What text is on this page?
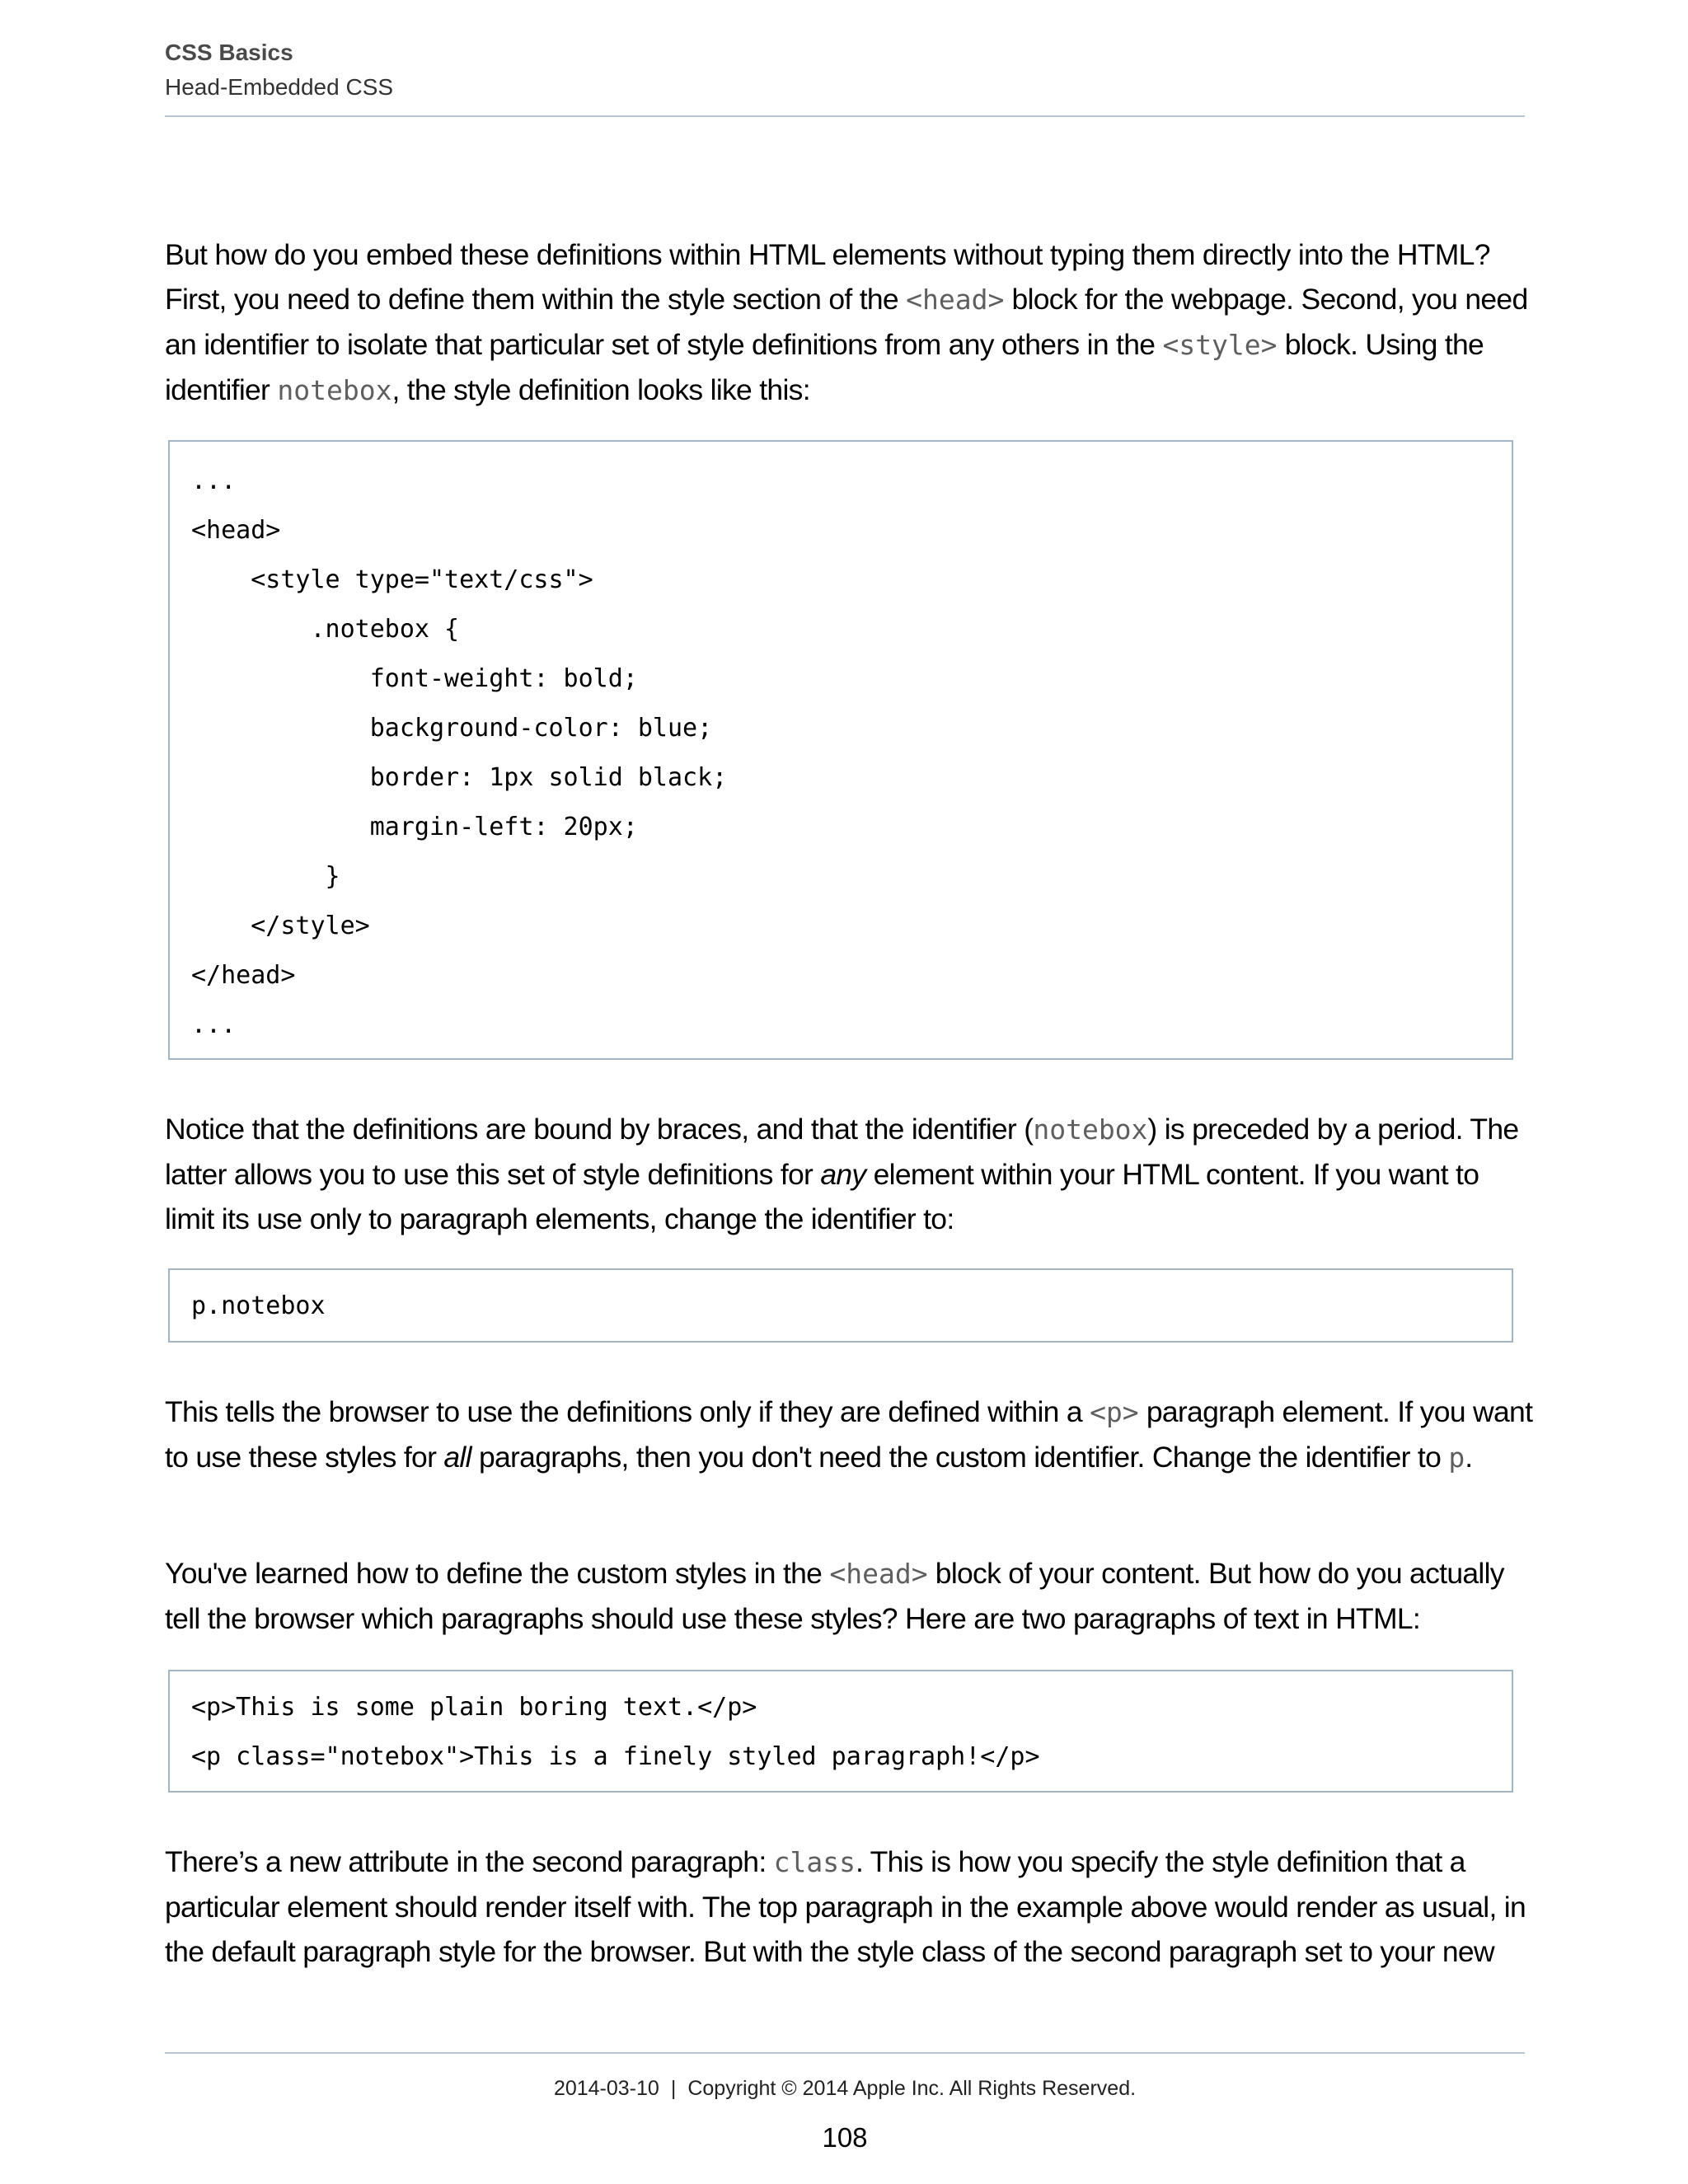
CSS Basics
Head-Embedded CSS

But how do you embed these definitions within HTML elements without typing them directly into the HTML? First, you need to define them within the style section of the <head> block for the webpage. Second, you need an identifier to isolate that particular set of style definitions from any others in the <style> block. Using the identifier notebox, the style definition looks like this:

...
<head>
<style type="text/css">
.notebox {
font-weight: bold;
background-color: blue;
border: 1px solid black;
margin-left: 20px;
}
</style>
</head>
...

Notice that the definitions are bound by braces, and that the identifier (notebox) is preceded by a period. The latter allows you to use this set of style definitions for any element within your HTML content. If you want to limit its use only to paragraph elements, change the identifier to:

p.notebox

This tells the browser to use the definitions only if they are defined within a <p> paragraph element. If you want to use these styles for all paragraphs, then you don't need the custom identifier. Change the identifier to p.

You've learned how to define the custom styles in the <head> block of your content. But how do you actually tell the browser which paragraphs should use these styles? Here are two paragraphs of text in HTML:

<p>This is some plain boring text.</p>
<p class="notebox">This is a finely styled paragraph!</p>

There’s a new attribute in the second paragraph: class. This is how you specify the style definition that a particular element should render itself with. The top paragraph in the example above would render as usual, in the default paragraph style for the browser. But with the style class of the second paragraph set to your new

2014-03-10 | Copyright © 2014 Apple Inc. All Rights Reserved.
108
